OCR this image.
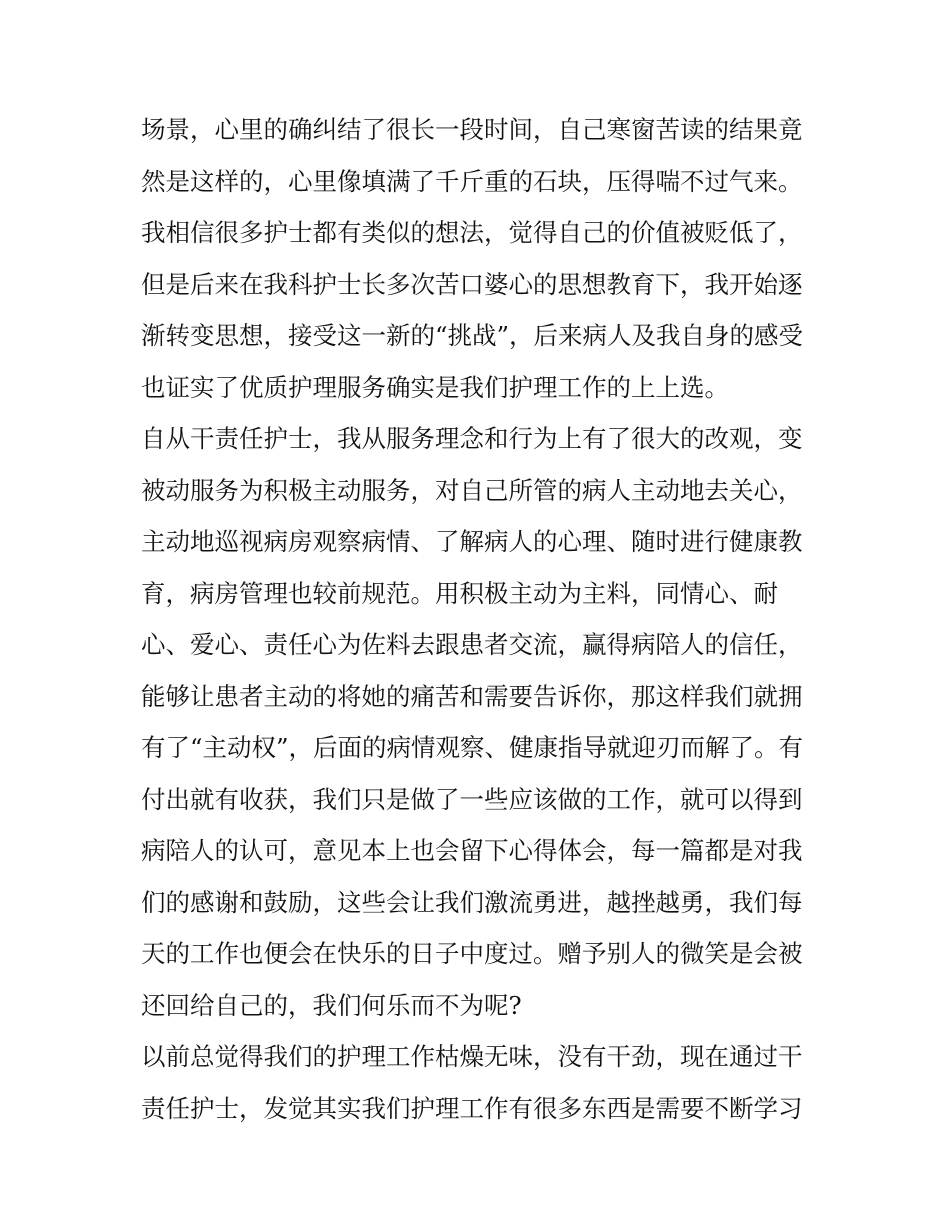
场景，心里的确纠结了很长一段时间，自己寒窗苦读的结果竟
然是这样的，心里像填满了千斤重的石块，压得喘不过气来。
我相信很多护士都有类似的想法，觉得自己的价值被贬低了，
但是后来在我科护士长多次苦口婆心的思想教育下，我开始逐
渐转变思想，接受这一新的“挑战”，后来病人及我自身的感受
也证实了优质护理服务确实是我们护理工作的上上选。
自从干责任护士，我从服务理念和行为上有了很大的改观，变
被动服务为积极主动服务，对自己所管的病人主动地去关心，
主动地巡视病房观察病情、了解病人的心理、随时进行健康教
育，病房管理也较前规范。用积极主动为主料，同情心、耐
心、爱心、责任心为佐料去跟患者交流，赢得病陪人的信任，
能够让患者主动的将她的痛苦和需要告诉你，那这样我们就拥
有了“主动权”，后面的病情观察、健康指导就迎刃而解了。有
付出就有收获，我们只是做了一些应该做的工作，就可以得到
病陪人的认可，意见本上也会留下心得体会，每一篇都是对我
们的感谢和鼓励，这些会让我们激流勇进，越挫越勇，我们每
天的工作也便会在快乐的日子中度过。赠予别人的微笑是会被
还回给自己的，我们何乐而不为呢?
以前总觉得我们的护理工作枯燥无味，没有干劲，现在通过干
责任护士，发觉其实我们护理工作有很多东西是需要不断学习
